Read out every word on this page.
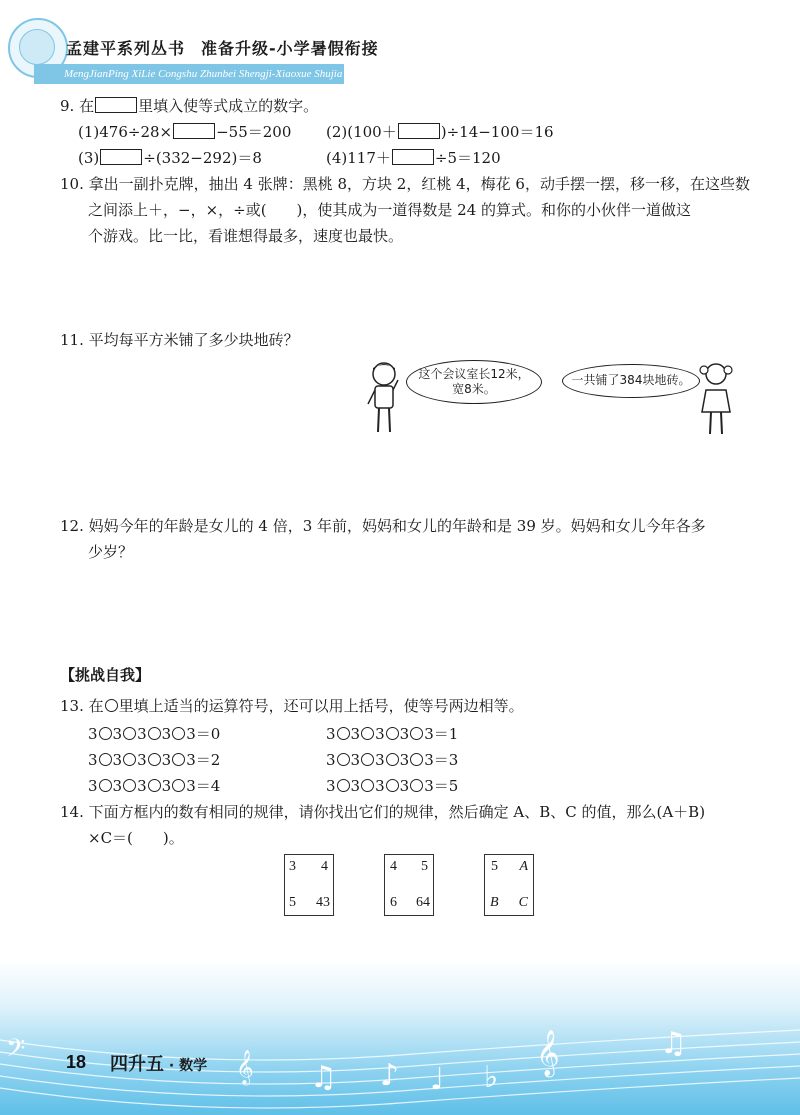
孟建平系列丛书 准备升级-小学暑假衔接
MengJianPing XiLie Congshu Zhunbei Shengji-Xiaoxue Shujia Xianjie
9. 在	里填入使等式成立的数字。
(1)476÷28×	−55＝200 (2)(100＋	)÷14−100＝16
(3)	÷(332−292)＝8	(4)117＋	÷5＝120
10. 拿出一副扑克牌，抽出 4 张牌：黑桃 8，方块 2，红桃 4，梅花 6，动手摆一摆，移一移，在这些数
之间添上＋，−，×，÷或(　　)，使其成为一道得数是 24 的算式。和你的小伙伴一道做这
个游戏。比一比，看谁想得最多，速度也最快。
11. 平均每平方米铺了多少块地砖？
这个会议室长12米，
宽8米。
一共铺了384块地砖。
12. 妈妈今年的年龄是女儿的 4 倍，3 年前，妈妈和女儿的年龄和是 39 岁。妈妈和女儿今年各多
少岁？
【挑战自我】
13. 在 里填上适当的运算符号，还可以用上括号，使等号两边相等。
3 3 3 3 3＝0	3 3 3 3 3＝1
3 3 3 3 3＝2	3 3 3 3 3＝3
3 3 3 3 3＝4	3 3 3 3 3＝5
14. 下面方框内的数有相同的规律，请你找出它们的规律，然后确定 A、B、C 的值，那么(A＋B)
×C＝(　　)。
3 4
5 43
4 5
6 64
5 A
B C
𝄞 ♫ ♪ ♩ ♭
𝄞	♫
𝄢 18 四升五 · 数学
